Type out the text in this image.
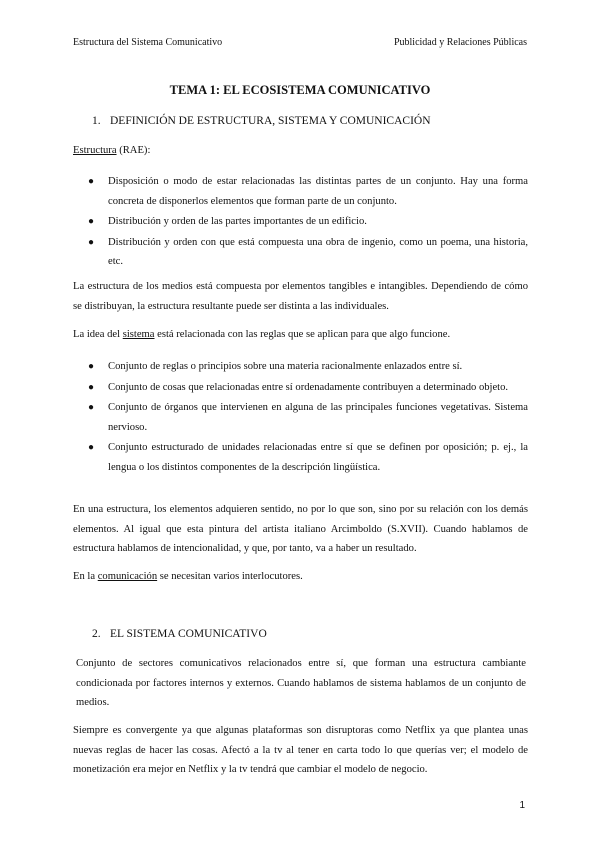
Estructura del Sistema Comunicativo	Publicidad y Relaciones Públicas
TEMA 1: EL ECOSISTEMA COMUNICATIVO
1. DEFINICIÓN DE ESTRUCTURA, SISTEMA Y COMUNICACIÓN

Estructura (RAE):

● Disposición o modo de estar relacionadas las distintas partes de un conjunto. Hay una forma concreta de disponerlos elementos que forman parte de un conjunto.
● Distribución y orden de las partes importantes de un edificio.
● Distribución y orden con que está compuesta una obra de ingenio, como un poema, una historia, etc.

La estructura de los medios está compuesta por elementos tangibles e intangibles. Dependiendo de cómo se distribuyan, la estructura resultante puede ser distinta a las individuales.

La idea del sistema está relacionada con las reglas que se aplican para que algo funcione.

● Conjunto de reglas o principios sobre una materia racionalmente enlazados entre sí.
● Conjunto de cosas que relacionadas entre sí ordenadamente contribuyen a determinado objeto.
● Conjunto de órganos que intervienen en alguna de las principales funciones vegetativas. Sistema nervioso.
● Conjunto estructurado de unidades relacionadas entre sí que se definen por oposición; p. ej., la lengua o los distintos componentes de la descripción lingüística.

En una estructura, los elementos adquieren sentido, no por lo que son, sino por su relación con los demás elementos. Al igual que esta pintura del artista italiano Arcimboldo (S.XVII). Cuando hablamos de estructura hablamos de intencionalidad, y que, por tanto, va a haber un resultado.

En la comunicación se necesitan varios interlocutores.

2. EL SISTEMA COMUNICATIVO

Conjunto de sectores comunicativos relacionados entre sí, que forman una estructura cambiante condicionada por factores internos y externos. Cuando hablamos de sistema hablamos de un conjunto de medios.

Siempre es convergente ya que algunas plataformas son disruptoras como Netflix ya que plantea unas nuevas reglas de hacer las cosas. Afectó a la tv al tener en carta todo lo que querías ver; el modelo de monetización era mejor en Netflix y la tv tendrá que cambiar el modelo de negocio.

1
